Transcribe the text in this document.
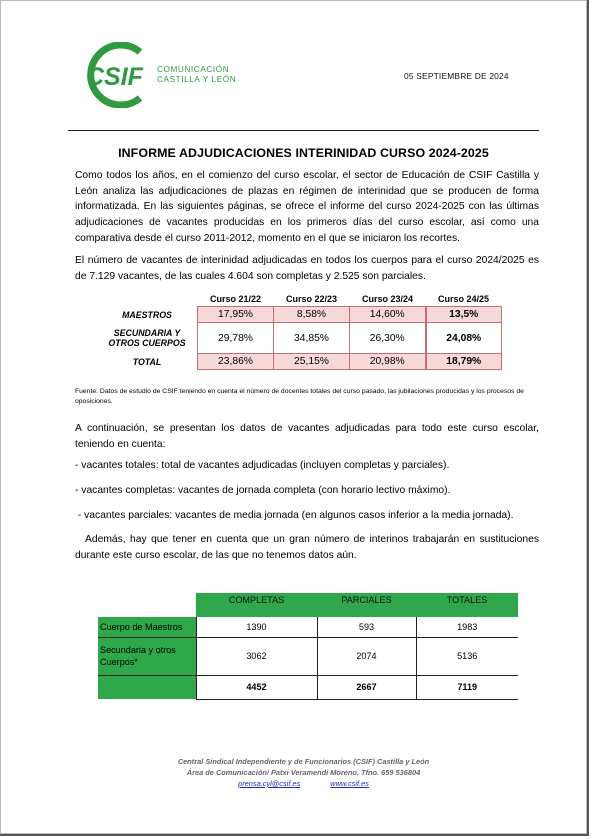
CSIF COMUNICACIÓN
CASTILLA Y LEÓN	05 SEPTIEMBRE DE 2024
INFORME ADJUDICACIONES INTERINIDAD CURSO 2024-2025
Como todos los años, en el comienzo del curso escolar, el sector de Educación de CSIF Castilla y León analiza las adjudicaciones de plazas en régimen de interinidad que se producen de forma informatizada. En las siguientes páginas, se ofrece el informe del curso 2024-2025 con las últimas adjudicaciones de vacantes producidas en los primeros días del curso escolar, así como una comparativa desde el curso 2011-2012, momento en el que se iniciaron los recortes.
El número de vacantes de interinidad adjudicadas en todos los cuerpos para el curso 2024/2025 es de 7.129 vacantes, de las cuales 4.604 son completas y 2.525 son parciales.
	Curso 21/22	Curso 22/23	Curso 23/24	Curso 24/25
MAESTROS	17,95%	8,58%	14,60%	13,5%
SECUNDARIA Y OTROS CUERPOS	29,78%	34,85%	26,30%	24,08%
TOTAL	23,86%	25,15%	20,98%	18,79%
Fuente: Datos de estudio de CSIF teniendo en cuenta el número de docentes totales del curso pasado, las jubilaciones producidas y los procesos de oposiciones.
A continuación, se presentan los datos de vacantes adjudicadas para todo este curso escolar, teniendo en cuenta:
- vacantes totales: total de vacantes adjudicadas (incluyen completas y parciales).
- vacantes completas: vacantes de jornada completa (con horario lectivo máximo).
- vacantes parciales: vacantes de media jornada (en algunos casos inferior a la media jornada).
Además, hay que tener en cuenta que un gran número de interinos trabajarán en sustituciones durante este curso escolar, de las que no tenemos datos aún.
	COMPLETAS	PARCIALES	TOTALES
Cuerpo de Maestros	1390	593	1983
Secundaria y otros Cuerpos*	3062	2074	5136
	4452	2667	7119
Central Sindical Independiente y de Funcionarios (CSIF) Castilla y León
Área de Comunicación/ Patxi Veramendi Moreno. Tfno. 659 536804
prensa.cyl@csif.es	www.csif.es
